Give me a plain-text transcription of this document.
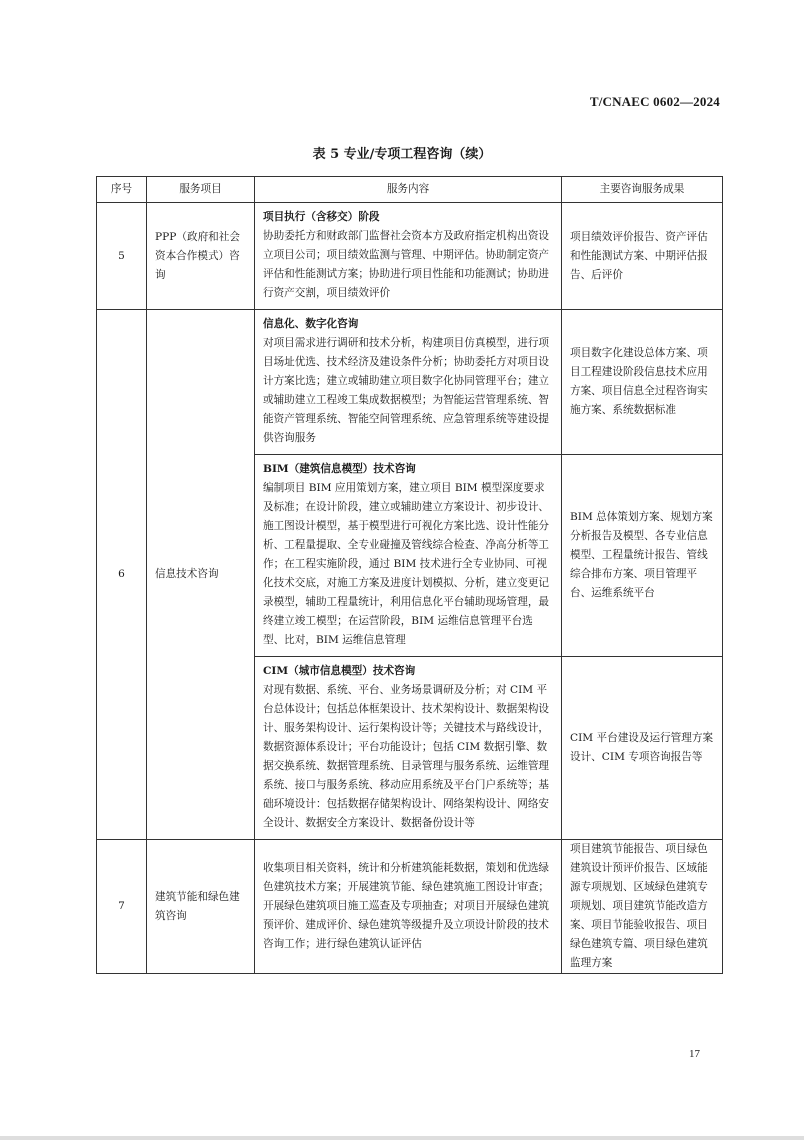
T/CNAEC 0602—2024
表 5 专业/专项工程咨询（续）
序号	服务项目	服务内容	主要咨询服务成果
5	PPP（政府和社会资本合作模式）咨询	项目执行（含移交）阶段
协助委托方和财政部门监督社会资本方及政府指定机构出资设立项目公司；项目绩效监测与管理、中期评估。协助制定资产评估和性能测试方案；协助进行项目性能和功能测试；协助进行资产交割，项目绩效评价	项目绩效评价报告、资产评估和性能测试方案、中期评估报告、后评价
6	信息技术咨询	信息化、数字化咨询
对项目需求进行调研和技术分析，构建项目仿真模型，进行项目场址优选、技术经济及建设条件分析；协助委托方对项目设计方案比选；建立或辅助建立项目数字化协同管理平台；建立或辅助建立工程竣工集成数据模型；为智能运营管理系统、智能资产管理系统、智能空间管理系统、应急管理系统等建设提供咨询服务	项目数字化建设总体方案、项目工程建设阶段信息技术应用方案、项目信息全过程咨询实施方案、系统数据标准

		BIM（建筑信息模型）技术咨询
编制项目 BIM 应用策划方案，建立项目 BIM 模型深度要求及标准；在设计阶段，建立或辅助建立方案设计、初步设计、施工图设计模型，基于模型进行可视化方案比选、设计性能分析、工程量提取、全专业碰撞及管线综合检查、净高分析等工作；在工程实施阶段，通过 BIM 技术进行全专业协同、可视化技术交底，对施工方案及进度计划模拟、分析，建立变更记录模型，辅助工程量统计，利用信息化平台辅助现场管理，最终建立竣工模型；在运营阶段，BIM 运维信息管理平台选型、比对，BIM 运维信息管理	BIM 总体策划方案、规划方案分析报告及模型、各专业信息模型、工程量统计报告、管线综合排布方案、项目管理平台、运维系统平台

		CIM（城市信息模型）技术咨询
对现有数据、系统、平台、业务场景调研及分析；对 CIM 平台总体设计；包括总体框架设计、技术架构设计、数据架构设计、服务架构设计、运行架构设计等；关键技术与路线设计，数据资源体系设计；平台功能设计；包括 CIM 数据引擎、数据交换系统、数据管理系统、目录管理与服务系统、运维管理系统、接口与服务系统、移动应用系统及平台门户系统等；基础环境设计：包括数据存储架构设计、网络架构设计、网络安全设计、数据安全方案设计、数据备份设计等	CIM 平台建设及运行管理方案设计、CIM 专项咨询报告等
7	建筑节能和绿色建筑咨询	收集项目相关资料，统计和分析建筑能耗数据，策划和优选绿色建筑技术方案；开展建筑节能、绿色建筑施工图设计审查；开展绿色建筑项目施工巡查及专项抽查；对项目开展绿色建筑预评价、建成评价、绿色建筑等级提升及立项设计阶段的技术咨询工作；进行绿色建筑认证评估	项目建筑节能报告、项目绿色建筑设计预评价报告、区域能源专项规划、区域绿色建筑专项规划、项目建筑节能改造方案、项目节能验收报告、项目绿色建筑专篇、项目绿色建筑监理方案
17
